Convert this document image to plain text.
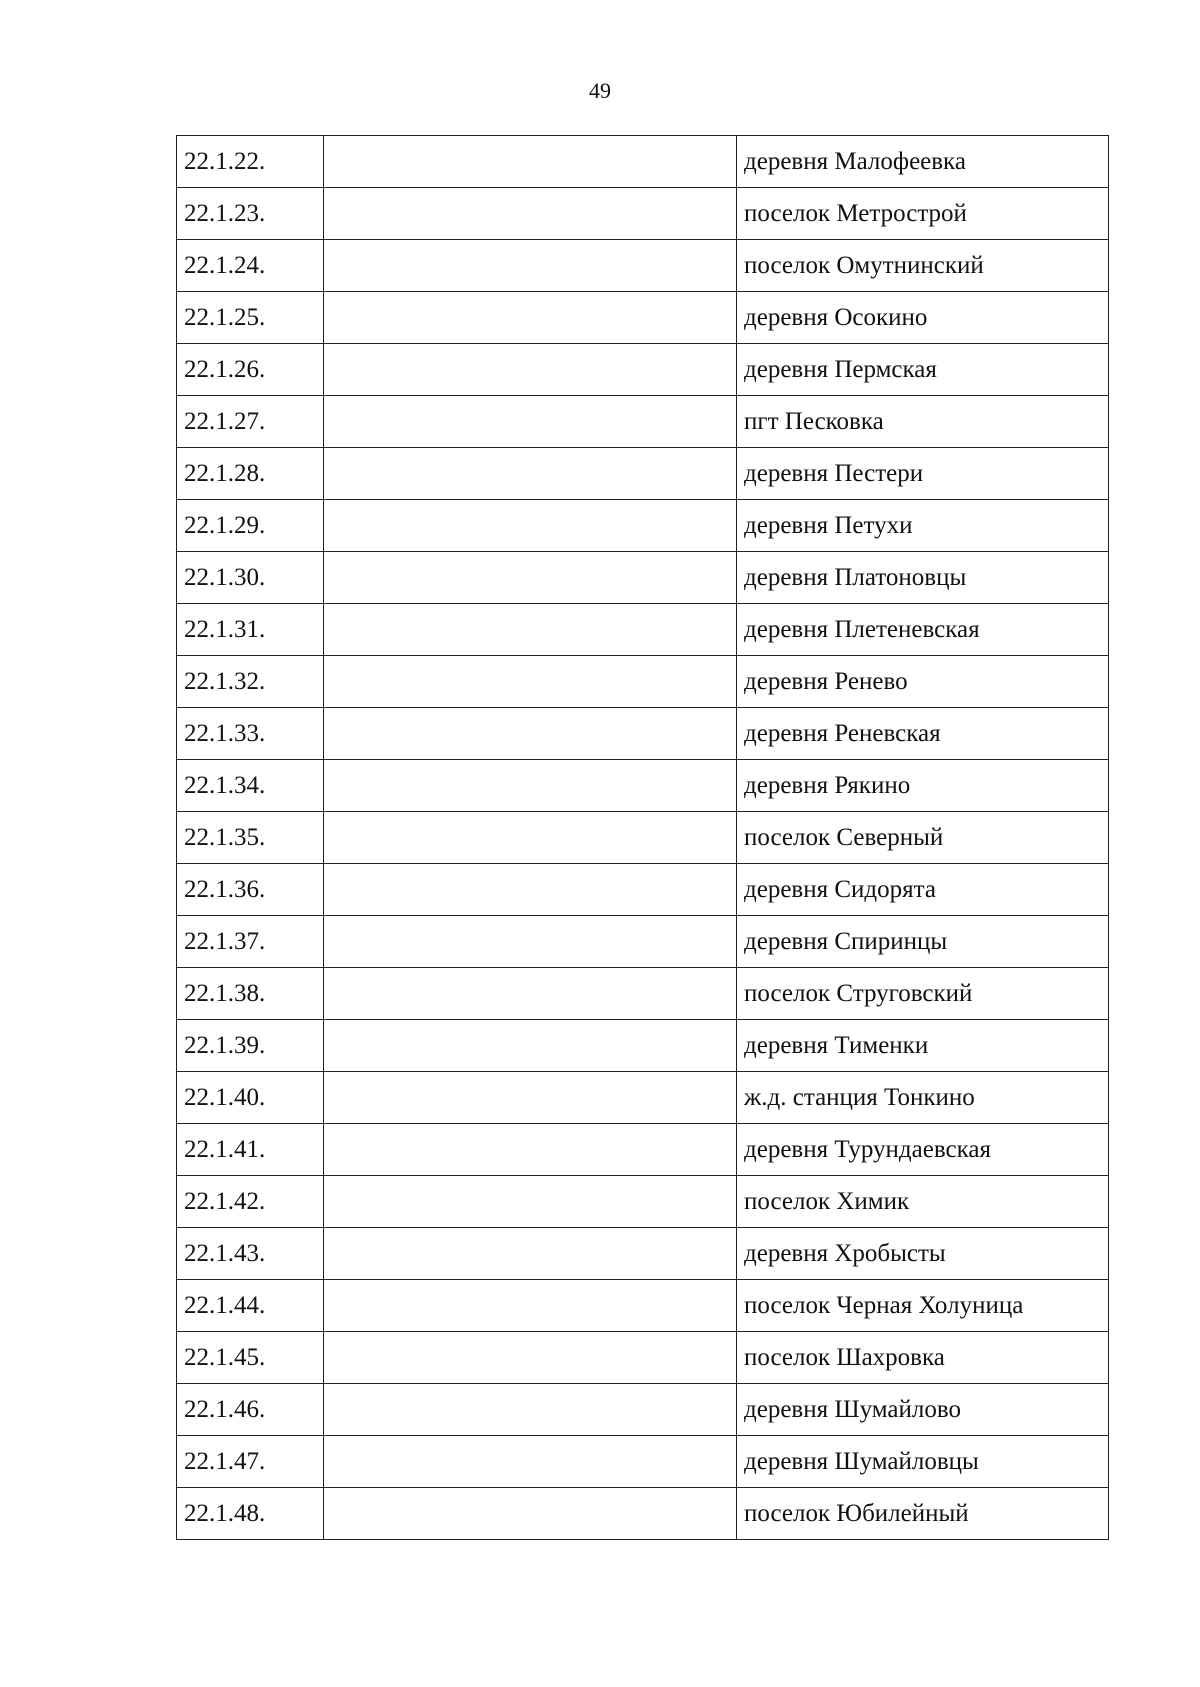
49
22.1.22.		деревня Малофеевка
22.1.23.		поселок Метрострой
22.1.24.		поселок Омутнинский
22.1.25.		деревня Осокино
22.1.26.		деревня Пермская
22.1.27.		пгт Песковка
22.1.28.		деревня Пестери
22.1.29.		деревня Петухи
22.1.30.		деревня Платоновцы
22.1.31.		деревня Плетеневская
22.1.32.		деревня Ренево
22.1.33.		деревня Реневская
22.1.34.		деревня Рякино
22.1.35.		поселок Северный
22.1.36.		деревня Сидорята
22.1.37.		деревня Спиринцы
22.1.38.		поселок Струговский
22.1.39.		деревня Тименки
22.1.40.		ж.д. станция Тонкино
22.1.41.		деревня Турундаевская
22.1.42.		поселок Химик
22.1.43.		деревня Хробысты
22.1.44.		поселок Черная Холуница
22.1.45.		поселок Шахровка
22.1.46.		деревня Шумайлово
22.1.47.		деревня Шумайловцы
22.1.48.		поселок Юбилейный
